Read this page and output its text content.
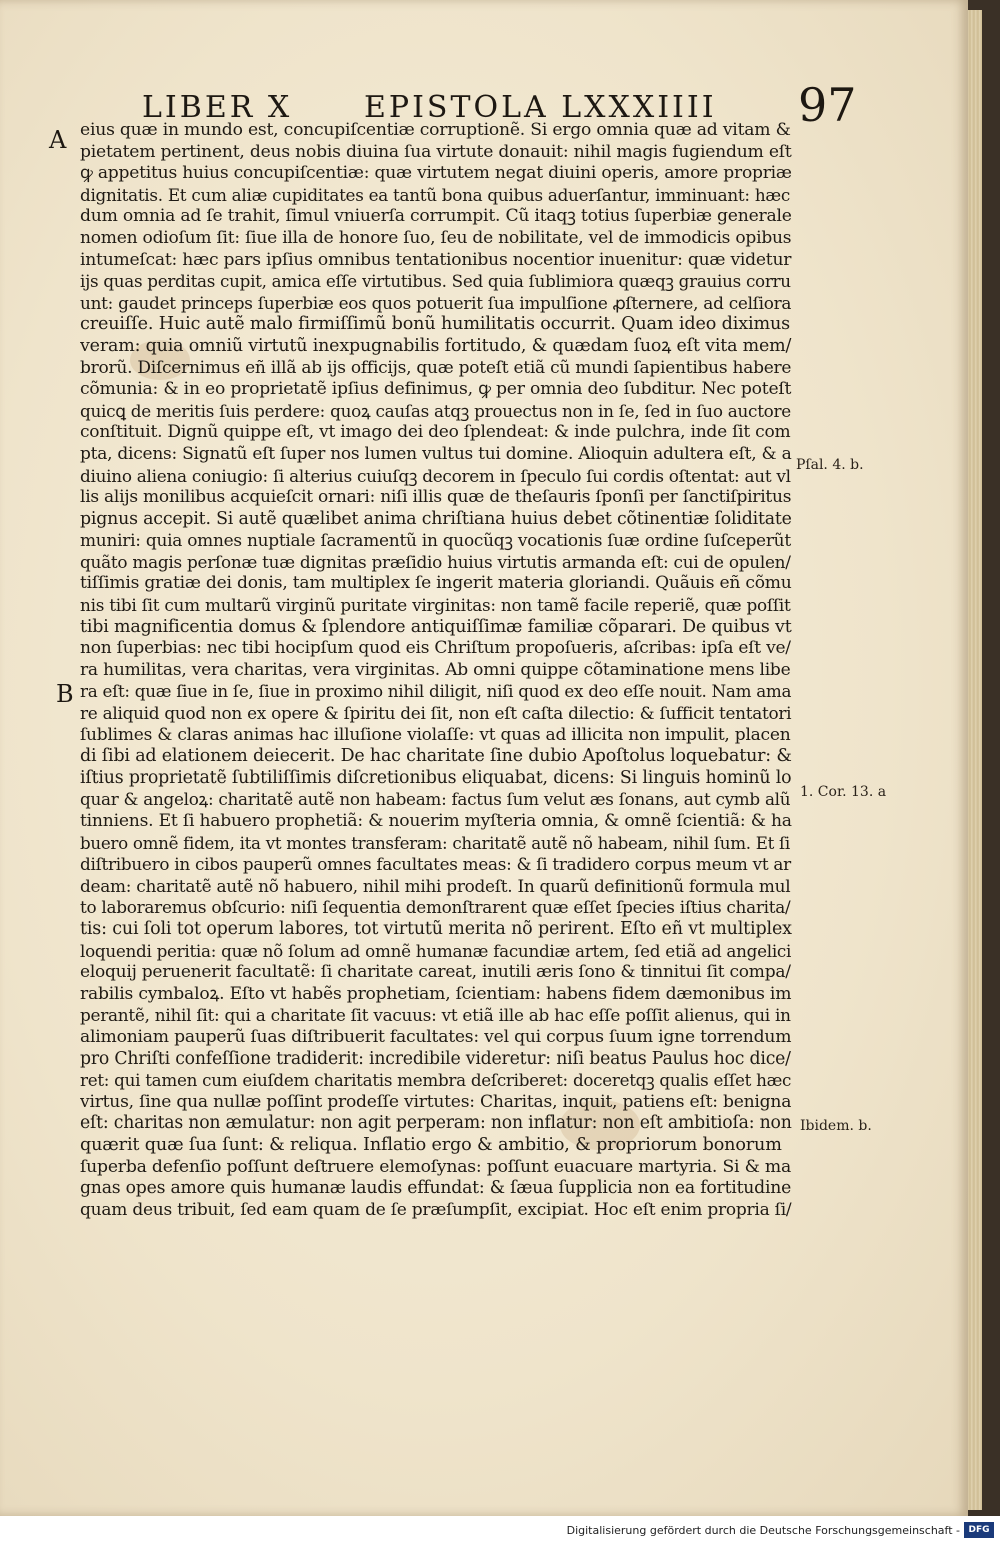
LIBER X EPISTOLA LXXXIIII 97
A
B
eius quæ in mundo est, concupiſcentiæ corruptionẽ. Si ergo omnia quæ ad vitam &
pietatem pertinent, deus nobis diuina ſua virtute donauit: nihil magis fugiendum eſt
ꝙ appetitus huius concupiſcentiæ: quæ virtutem negat diuini operis, amore propriæ
dignitatis. Et cum aliæ cupiditates ea tantũ bona quibus aduerſantur, imminuant: hæc
dum omnia ad ſe trahit, ſimul vniuerſa corrumpit. Cũ itaqꝫ totius ſuperbiæ generale
nomen odioſum ſit: ſiue illa de honore ſuo, ſeu de nobilitate, vel de immodicis opibus
intumeſcat: hæc pars ipſius omnibus tentationibus nocentior inuenitur: quæ videtur
ijs quas perditas cupit, amica eſſe virtutibus. Sed quia ſublimiora quæqꝫ grauius corru
unt: gaudet princeps ſuperbiæ eos quos potuerit ſua impulſione ꝓſternere, ad celſiora
creuiſſe. Huic autẽ malo firmiſſimũ bonũ humilitatis occurrit. Quam ideo diximus
veram: quia omniũ virtutũ inexpugnabilis fortitudo, & quædam ſuoꝝ eſt vita mem/
brorũ. Diſcernimus eñ illã ab ijs officijs, quæ poteſt etiã cũ mundi ſapientibus habere
cõmunia: & in eo proprietatẽ ipſius definimus, ꝙ per omnia deo ſubditur. Nec poteſt
quicꝗ de meritis ſuis perdere: quoꝝ cauſas atqꝫ prouectus non in ſe, ſed in ſuo auctore
conſtituit. Dignũ quippe eſt, vt imago dei deo ſplendeat: & inde pulchra, inde ſit com
pta, dicens: Signatũ eſt ſuper nos lumen vultus tui domine. Alioquin adultera eſt, & a
diuino aliena coniugio: ſi alterius cuiuſqꝫ decorem in ſpeculo ſui cordis oſtentat: aut vl
lis alijs monilibus acquieſcit ornari: niſi illis quæ de theſauris ſponſi per ſanctiſpiritus
pignus accepit. Si autẽ quælibet anima chriſtiana huius debet cõtinentiæ ſoliditate
muniri: quia omnes nuptiale ſacramentũ in quocũqꝫ vocationis ſuæ ordine ſuſceperũt
quãto magis perſonæ tuæ dignitas præſidio huius virtutis armanda eſt: cui de opulen/
tiſſimis gratiæ dei donis, tam multiplex ſe ingerit materia gloriandi. Quãuis eñ cõmu
nis tibi ſit cum multarũ virginũ puritate virginitas: non tamẽ facile reperiẽ, quæ poſſit
tibi magnificentia domus & ſplendore antiquiſſimæ familiæ cõparari. De quibus vt
non ſuperbias: nec tibi hocipſum quod eis Chriſtum propoſueris, aſcribas: ipſa eſt ve/
ra humilitas, vera charitas, vera virginitas. Ab omni quippe cõtaminatione mens libe
ra eſt: quæ ſiue in ſe, ſiue in proximo nihil diligit, niſi quod ex deo eſſe nouit. Nam ama
re aliquid quod non ex opere & ſpiritu dei ſit, non eſt caſta dilectio: & ſufficit tentatori
ſublimes & claras animas hac illuſione violaſſe: vt quas ad illicita non impulit, placen
di ſibi ad elationem deiecerit. De hac charitate ſine dubio Apoſtolus loquebatur: &
iſtius proprietatẽ ſubtiliſſimis diſcretionibus eliquabat, dicens: Si linguis hominũ lo
quar & angeloꝝ: charitatẽ autẽ non habeam: factus ſum velut æs ſonans, aut cymb alũ
tinniens. Et ſi habuero prophetiã: & nouerim myſteria omnia, & omnẽ ſcientiã: & ha
buero omnẽ fidem, ita vt montes transferam: charitatẽ autẽ nõ habeam, nihil ſum. Et ſi
diſtribuero in cibos pauperũ omnes facultates meas: & ſi tradidero corpus meum vt ar
deam: charitatẽ autẽ nõ habuero, nihil mihi prodeſt. In quarũ definitionũ formula mul
to laboraremus obſcurio: niſi ſequentia demonſtrarent quæ eſſet ſpecies iſtius charita/
tis: cui ſoli tot operum labores, tot virtutũ merita nõ perirent. Eſto eñ vt multiplex
loquendi peritia: quæ nõ ſolum ad omnẽ humanæ facundiæ artem, ſed etiã ad angelici
eloquij peruenerit facultatẽ: ſi charitate careat, inutili æris ſono & tinnitui ſit compa/
rabilis cymbaloꝝ. Eſto vt habẽs prophetiam, ſcientiam: habens fidem dæmonibus im
perantẽ, nihil ſit: qui a charitate ſit vacuus: vt etiã ille ab hac eſſe poſſit alienus, qui in
alimoniam pauperũ ſuas diſtribuerit facultates: vel qui corpus ſuum igne torrendum
pro Chriſti confeſſione tradiderit: incredibile videretur: niſi beatus Paulus hoc dice/
ret: qui tamen cum eiuſdem charitatis membra deſcriberet: doceretqꝫ qualis eſſet hæc
virtus, ſine qua nullæ poſſint prodeſſe virtutes: Charitas, inquit, patiens eſt: benigna
eſt: charitas non æmulatur: non agit perperam: non inflatur: non eſt ambitioſa: non
quærit quæ ſua ſunt: & reliqua. Inflatio ergo & ambitio, & propriorum bonorum
ſuperba defenſio poſſunt deſtruere elemoſynas: poſſunt euacuare martyria. Si & ma
gnas opes amore quis humanæ laudis effundat: & ſæua ſupplicia non ea fortitudine
quam deus tribuit, ſed eam quam de ſe præſumpſit, excipiat. Hoc eſt enim propria ſi/
Pſal. 4. b.
1. Cor. 13. a
Ibidem. b.
Digitalisierung gefördert durch die Deutsche Forschungsgemeinschaft - DFG
